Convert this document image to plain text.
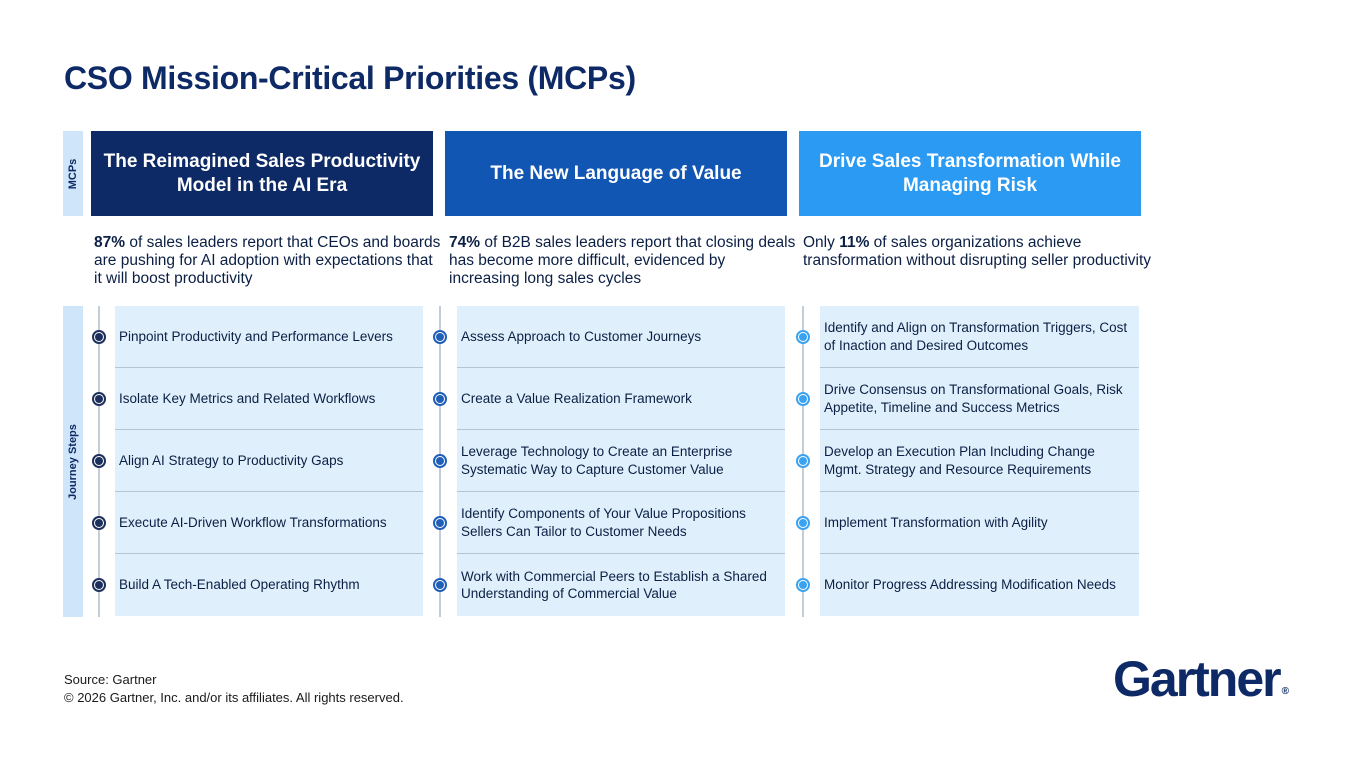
CSO Mission-Critical Priorities (MCPs)
MCPs
Journey Steps
The Reimagined Sales Productivity Model in the AI Era
87% of sales leaders report that CEOs and boards are pushing for AI adoption with expectations that it will boost productivity
Pinpoint Productivity and Performance Levers
Isolate Key Metrics and Related Workflows
Align AI Strategy to Productivity Gaps
Execute AI-Driven Workflow Transformations
Build A Tech-Enabled Operating Rhythm
The New Language of Value
74% of B2B sales leaders report that closing deals has become more difficult, evidenced by increasing long sales cycles
Assess Approach to Customer Journeys
Create a Value Realization Framework
Leverage Technology to Create an Enterprise Systematic Way to Capture Customer Value
Identify Components of Your Value Propositions Sellers Can Tailor to Customer Needs
Work with Commercial Peers to Establish a Shared Understanding of Commercial Value
Drive Sales Transformation While Managing Risk
Only 11% of sales organizations achieve transformation without disrupting seller productivity
Identify and Align on Transformation Triggers, Cost of Inaction and Desired Outcomes
Drive Consensus on Transformational Goals, Risk Appetite, Timeline and Success Metrics
Develop an Execution Plan Including Change Mgmt. Strategy and Resource Requirements
Implement Transformation with Agility
Monitor Progress Addressing Modification Needs
Source: Gartner
© 2026 Gartner, Inc. and/or its affiliates. All rights reserved.	Gartner ®
